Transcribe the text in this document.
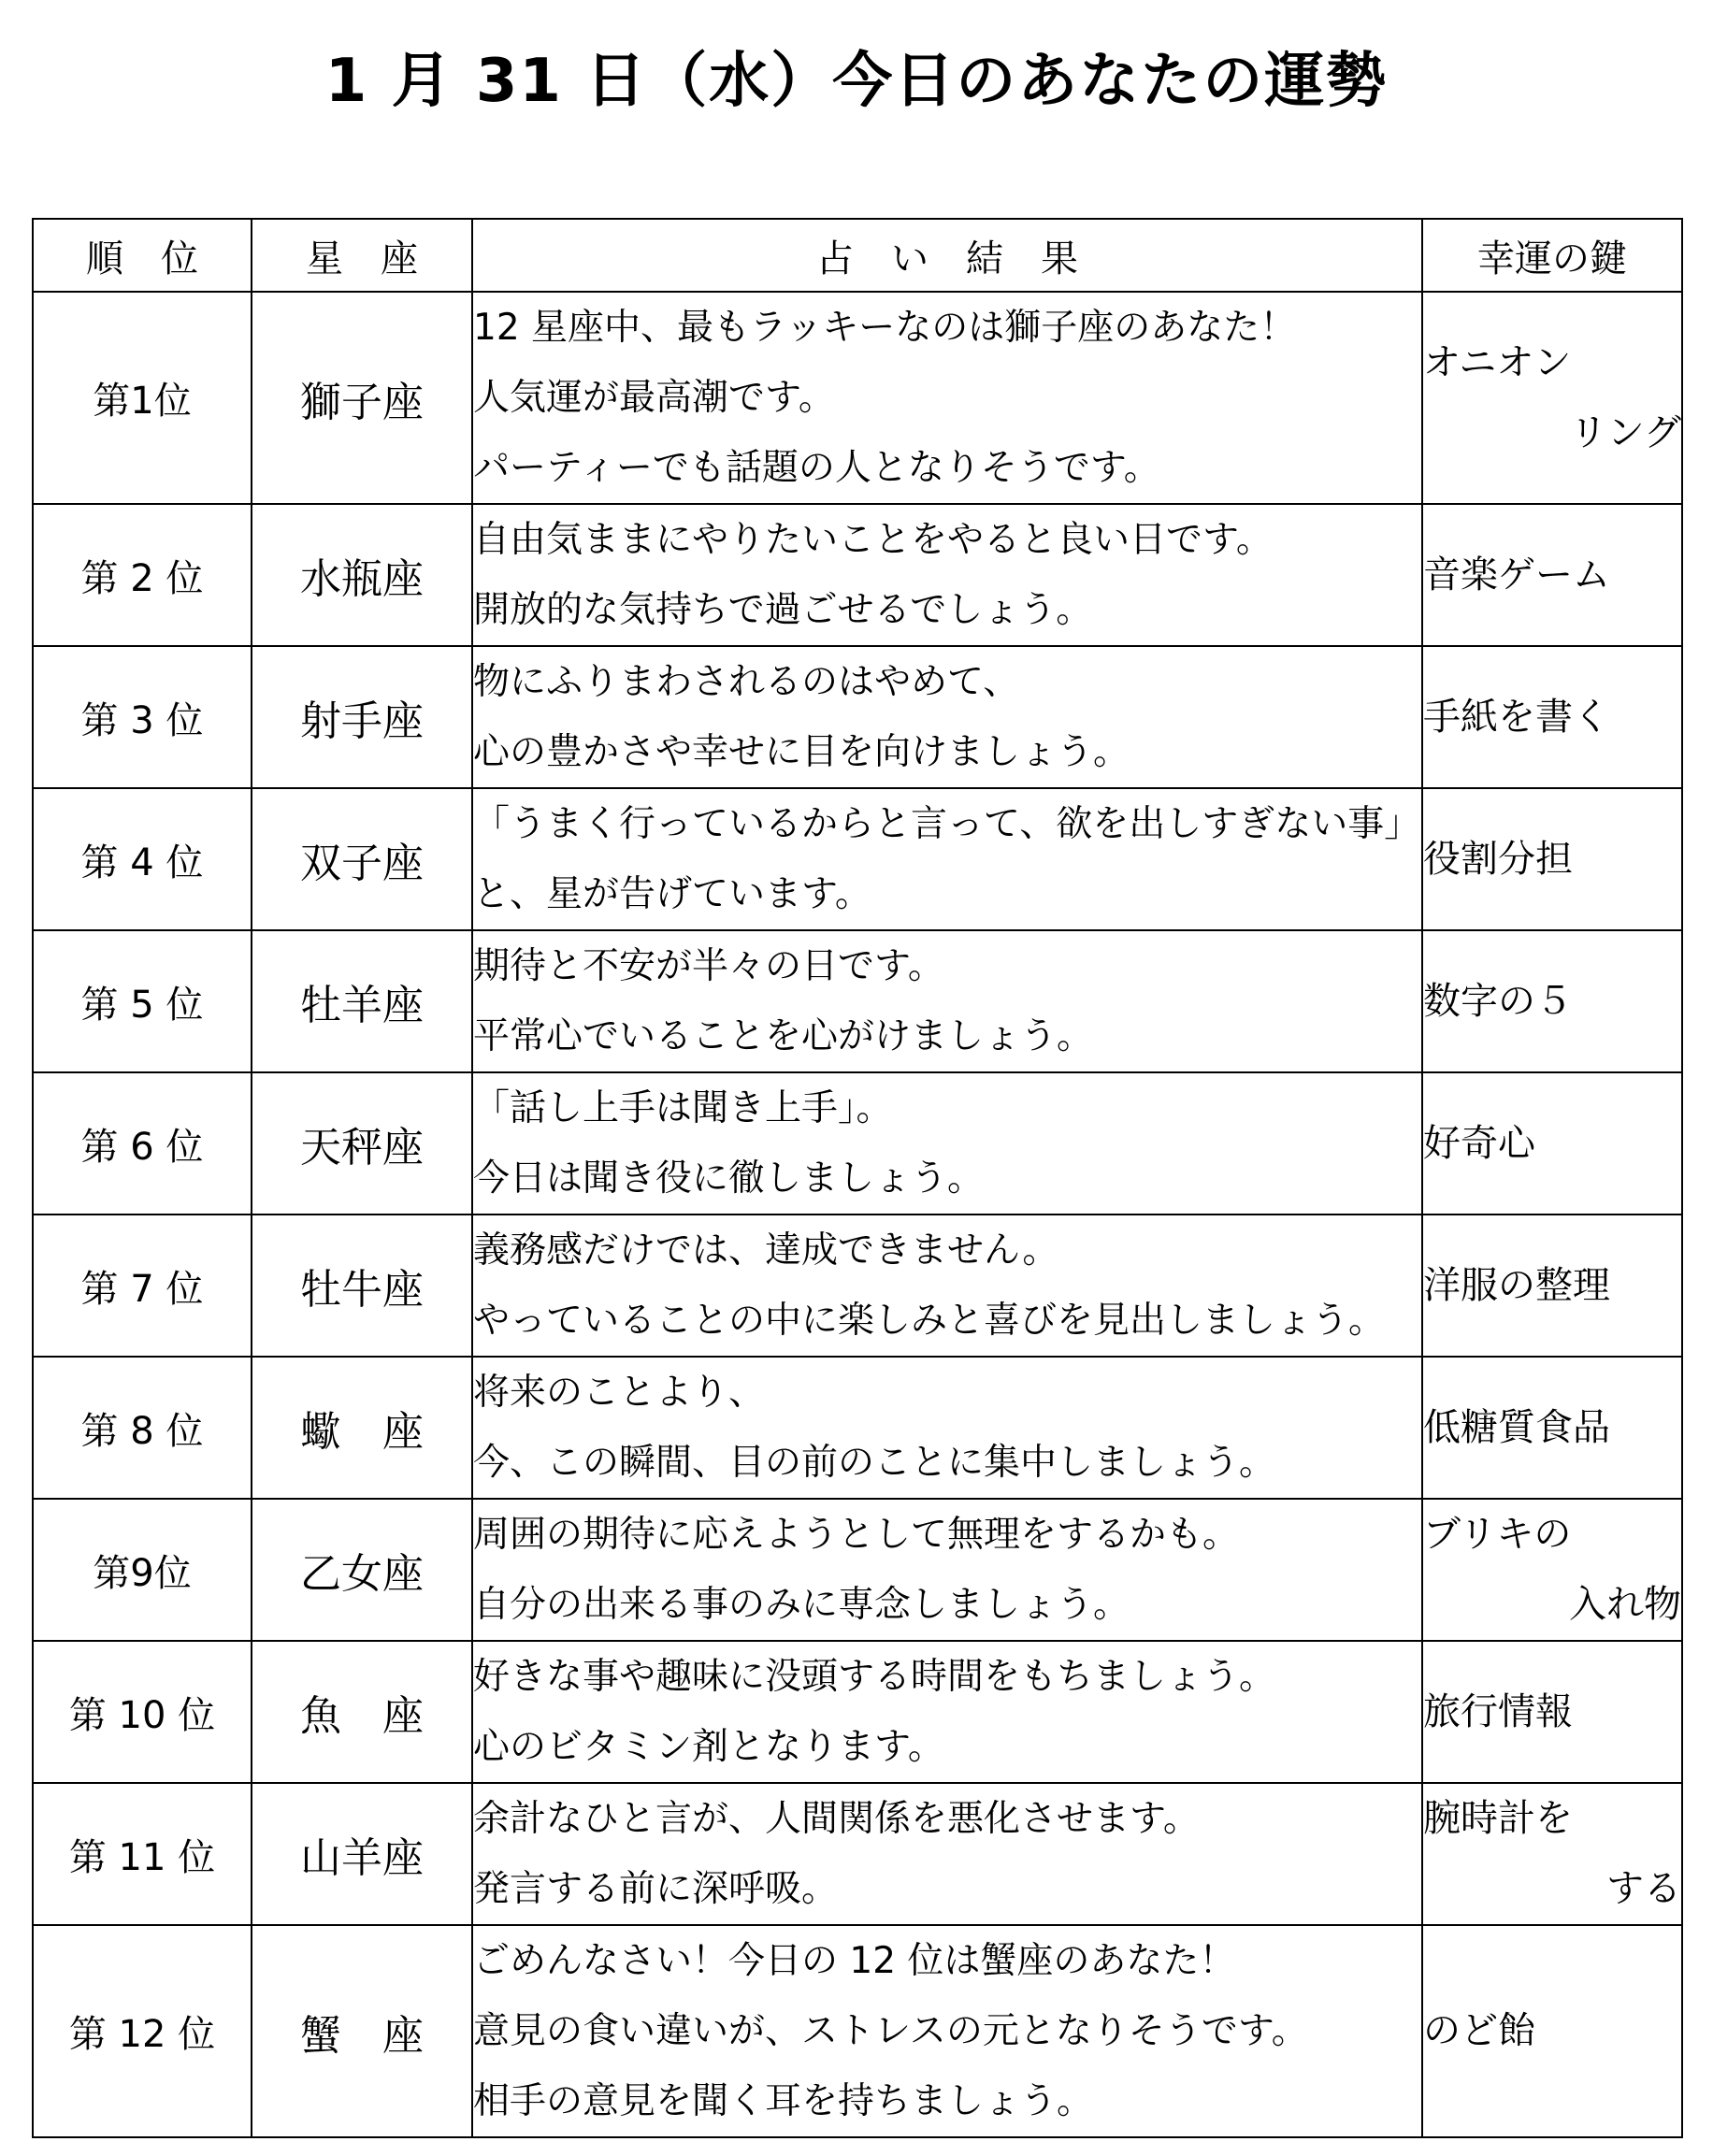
1 月 31 日（水）今日のあなたの運勢
順　位	星　座	占　い　結　果	幸運の鍵
第1位	獅子座	12 星座中、最もラッキーなのは獅子座のあなた！
人気運が最高潮です。
パーティーでも話題の人となりそうです。	オニオン
リング

第 2 位	水瓶座	自由気ままにやりたいことをやると良い日です。
開放的な気持ちで過ごせるでしょう。	音楽ゲーム

第 3 位	射手座	物にふりまわされるのはやめて、
心の豊かさや幸せに目を向けましょう。	手紙を書く

第 4 位	双子座	「うまく行っているからと言って、欲を出しすぎない事」
と、星が告げています。	役割分担

第 5 位	牡羊座	期待と不安が半々の日です。
平常心でいることを心がけましょう。	数字の５

第 6 位	天秤座	「話し上手は聞き上手」。
今日は聞き役に徹しましょう。	好奇心

第 7 位	牡牛座	義務感だけでは、達成できません。
やっていることの中に楽しみと喜びを見出しましょう。	洋服の整理

第 8 位	蠍　座	将来のことより、
今、この瞬間、目の前のことに集中しましょう。	低糖質食品

第9位	乙女座	周囲の期待に応えようとして無理をするかも。
自分の出来る事のみに専念しましょう。	ブリキの
入れ物

第 10 位	魚　座	好きな事や趣味に没頭する時間をもちましょう。
心のビタミン剤となります。	旅行情報

第 11 位	山羊座	余計なひと言が、人間関係を悪化させます。
発言する前に深呼吸。	腕時計を
する

第 12 位	蟹　座	ごめんなさい！今日の 12 位は蟹座のあなた！
意見の食い違いが、ストレスの元となりそうです。
相手の意見を聞く耳を持ちましょう。	のど飴
